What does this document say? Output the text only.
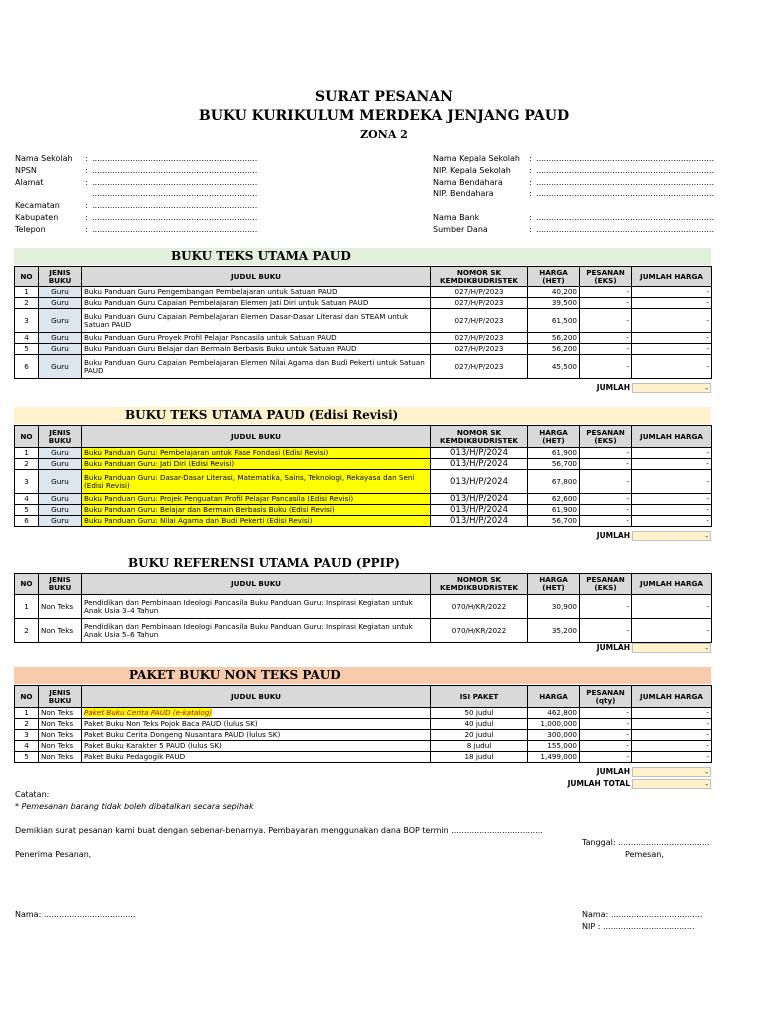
SURAT PESANAN
BUKU KURIKULUM MERDEKA JENJANG PAUD
ZONA 2
Nama Sekolah	: .................................................................
NPSN	: .................................................................
Alamat	: .................................................................
.................................................................
Kecamatan	: .................................................................
Kabupaten	: .................................................................
Telepon	: .................................................................
Nama Kepala Sekolah	: ......................................................................
NIP. Kepala Sekolah	: ......................................................................
Nama Bendahara	: ......................................................................
NIP. Bendahara	: ......................................................................
Nama Bank	: ......................................................................
Sumber Dana	: ......................................................................
BUKU TEKS UTAMA PAUD
NO	JENIS BUKU	JUDUL BUKU	NOMOR SK KEMDIKBUDRISTEK	HARGA (HET)	PESANAN (EKS)	JUMLAH HARGA
1	Guru	Buku Panduan Guru Pengembangan Pembelajaran untuk Satuan PAUD	027/H/P/2023	40,200	-	-
2	Guru	Buku Panduan Guru Capaian Pembelajaran Elemen Jati Diri untuk Satuan PAUD	027/H/P/2023	39,500	-	-
3	Guru	Buku Panduan Guru Capaian Pembelajaran Elemen Dasar-Dasar Literasi dan STEAM untuk Satuan PAUD	027/H/P/2023	61,500	-	-
4	Guru	Buku Panduan Guru Proyek Profil Pelajar Pancasila untuk Satuan PAUD	027/H/P/2023	56,200	-	-
5	Guru	Buku Panduan Guru Belajar dan Bermain Berbasis Buku untuk Satuan PAUD	027/H/P/2023	56,200	-	-
6	Guru	Buku Panduan Guru Capaian Pembelajaran Elemen Nilai Agama dan Budi Pekerti untuk Satuan PAUD	027/H/P/2023	45,500	-	-
JUMLAH	-
BUKU TEKS UTAMA PAUD (Edisi Revisi)
NO	JENIS BUKU	JUDUL BUKU	NOMOR SK KEMDIKBUDRISTEK	HARGA (HET)	PESANAN (EKS)	JUMLAH HARGA
1	Guru	Buku Panduan Guru: Pembelajaran untuk Fase Fondasi (Edisi Revisi)	013/H/P/2024	61,900	-	-
2	Guru	Buku Panduan Guru: Jati Diri (Edisi Revisi)	013/H/P/2024	56,700	-	-
3	Guru	Buku Panduan Guru: Dasar-Dasar Literasi, Matematika, Sains, Teknologi, Rekayasa dan Seni (Edisi Revisi)	013/H/P/2024	67,800	-	-
4	Guru	Buku Panduan Guru: Projek Penguatan Profil Pelajar Pancasila (Edisi Revisi)	013/H/P/2024	62,600	-	-
5	Guru	Buku Panduan Guru: Belajar dan Bermain Berbasis Buku (Edisi Revisi)	013/H/P/2024	61,900	-	-
6	Guru	Buku Panduan Guru: Nilai Agama dan Budi Pekerti (Edisi Revisi)	013/H/P/2024	56,700	-	-
JUMLAH	-
BUKU REFERENSI UTAMA PAUD (PPIP)
NO	JENIS BUKU	JUDUL BUKU	NOMOR SK KEMDIKBUDRISTEK	HARGA (HET)	PESANAN (EKS)	JUMLAH HARGA
1	Non Teks	Pendidikan dan Pembinaan Ideologi Pancasila Buku Panduan Guru: Inspirasi Kegiatan untuk Anak Usia 3–4 Tahun	070/H/KR/2022	30,900	-	-
2	Non Teks	Pendidikan dan Pembinaan Ideologi Pancasila Buku Panduan Guru: Inspirasi Kegiatan untuk Anak Usia 5–6 Tahun	070/H/KR/2022	35,200	-	-
JUMLAH	-
PAKET BUKU NON TEKS PAUD
NO	JENIS BUKU	JUDUL BUKU	ISI PAKET	HARGA	PESANAN (qty)	JUMLAH HARGA
1	Non Teks	Paket Buku Cerita PAUD (e-katalog)	50 judul	462,800	-	-
2	Non Teks	Paket Buku Non Teks Pojok Baca PAUD (lulus SK)	40 judul	1,000,000	-	-
3	Non Teks	Paket Buku Cerita Dongeng Nusantara PAUD (lulus SK)	20 judul	300,000	-	-
4	Non Teks	Paket Buku Karakter 5 PAUD (lulus SK)	8 judul	155,000	-	-
5	Non Teks	Paket Buku Pedagogik PAUD	18 judul	1,499,000	-	-
JUMLAH	-
JUMLAH TOTAL	-
Catatan:
* Pemesanan barang tidak boleh dibatalkan secara sepihak
Demikian surat pesanan kami buat dengan sebenar-benarnya. Pembayaran menggunakan dana BOP termin ....................................
Tanggal: ....................................
Penerima Pesanan,	Pemesan,
Nama: ....................................	Nama: ....................................
NIP : ....................................
